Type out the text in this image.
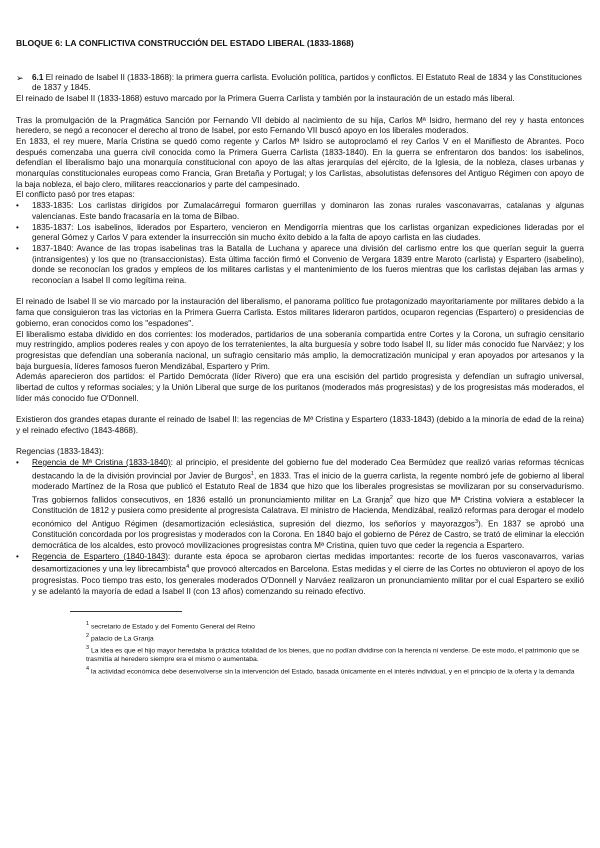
BLOQUE 6: LA CONFLICTIVA CONSTRUCCIÓN DEL ESTADO LIBERAL (1833-1868)
➢	6.1 El reinado de Isabel II (1833-1868): la primera guerra carlista. Evolución política, partidos y conflictos. El Estatuto Real de 1834 y las Constituciones de 1837 y 1845.

El reinado de Isabel II (1833-1868) estuvo marcado por la Primera Guerra Carlista y también por la instauración de un estado más liberal.

Tras la promulgación de la Pragmática Sanción por Fernando VII debido al nacimiento de su hija, Carlos Mª Isidro, hermano del rey y hasta entonces heredero, se negó a reconocer el derecho al trono de Isabel, por esto Fernando VII buscó apoyo en los liberales moderados.

En 1833, el rey muere, María Cristina se quedó como regente y Carlos Mª Isidro se autoproclamó el rey Carlos V en el Manifiesto de Abrantes. Poco después comenzaba una guerra civil conocida como la Primera Guerra Carlista (1833-1840). En la guerra se enfrentaron dos bandos: los isabelinos, defendían el liberalismo bajo una monarquía constitucional con apoyo de las altas jerarquías del ejército, de la Iglesia, de la nobleza, clases urbanas y monarquías constitucionales europeas como Francia, Gran Bretaña y Portugal; y los Carlistas, absolutistas defensores del Antiguo Régimen con apoyo de la baja nobleza, el bajo clero, militares reaccionarios y parte del campesinado.

El conflicto pasó por tres etapas:

•	1833-1835: Los carlistas dirigidos por Zumalacárregui formaron guerrillas y dominaron las zonas rurales vasconavarras, catalanas y algunas valencianas. Este bando fracasaría en la toma de Bilbao.
•	1835-1837: Los isabelinos, liderados por Espartero, vencieron en Mendigorría mientras que los carlistas organizan expediciones lideradas por el general Gómez y Carlos V para extender la insurrección sin mucho éxito debido a la falta de apoyo carlista en las ciudades.
•	1837-1840: Avance de las tropas isabelinas tras la Batalla de Luchana y aparece una división del carlismo entre los que querían seguir la guerra (intransigentes) y los que no (transaccionistas). Esta última facción firmó el Convenio de Vergara 1839 entre Maroto (carlista) y Espartero (isabelino), donde se reconocían los grados y empleos de los militares carlistas y el mantenimiento de los fueros mientras que los carlistas dejaban las armas y reconocían a Isabel II como legítima reina.

El reinado de Isabel II se vio marcado por la instauración del liberalismo, el panorama político fue protagonizado mayoritariamente por militares debido a la fama que consiguieron tras las victorias en la Primera Guerra Carlista. Estos militares lideraron partidos, ocuparon regencias (Espartero) o presidencias de gobierno, eran conocidos como los "espadones".

El liberalismo estaba dividido en dos corrientes: los moderados, partidarios de una soberanía compartida entre Cortes y la Corona, un sufragio censitario muy restringido, amplios poderes reales y con apoyo de los terratenientes, la alta burguesía y sobre todo Isabel II, su líder más conocido fue Narváez; y los progresistas que defendían una soberanía nacional, un sufragio censitario más amplio, la democratización municipal y eran apoyados por artesanos y la baja burguesía, líderes famosos fueron Mendizábal, Espartero y Prim.

Además aparecieron dos partidos: el Partido Demócrata (líder Rivero) que era una escisión del partido progresista y defendían un sufragio universal, libertad de cultos y reformas sociales; y la Unión Liberal que surge de los puritanos (moderados más progresistas) y de los progresistas más moderados, el líder más conocido fue O'Donnell.

Existieron dos grandes etapas durante el reinado de Isabel II: las regencias de Mª Cristina y Espartero (1833-1843) (debido a la minoría de edad de la reina) y el reinado efectivo (1843-4868).

Regencias (1833-1843):

•	Regencia de Mª Cristina (1833-1840): al principio, el presidente del gobierno fue del moderado Cea Bermúdez que realizó varias reformas técnicas destacando la de la división provincial por Javier de Burgos$^1$, en 1833. Tras el inicio de la guerra carlista, la regente nombró jefe de gobierno al liberal moderado Martínez de la Rosa que publicó el Estatuto Real de 1834 que hizo que los liberales progresistas se movilizaran por su conservadurismo. Tras gobiernos fallidos consecutivos, en 1836 estalló un pronunciamiento militar en La Granja$^2$ que hizo que Mª Cristina volviera a establecer la Constitución de 1812 y pusiera como presidente al progresista Calatrava. El ministro de Hacienda, Mendizábal, realizó reformas para derogar el modelo económico del Antiguo Régimen (desamortización eclesiástica, supresión del diezmo, los señoríos y mayorazgos$^3$). En 1837 se aprobó una Constitución concordada por los progresistas y moderados con la Corona. En 1840 bajo el gobierno de Pérez de Castro, se trató de eliminar la elección democrática de los alcaldes, esto provocó movilizaciones progresistas contra Mª Cristina, quien tuvo que ceder la regencia a Espartero.
•	Regencia de Espartero (1840-1843): durante esta época se aprobaron ciertas medidas importantes: recorte de los fueros vasconavarros, varias desamortizaciones y una ley librecambista$^4$ que provocó altercados en Barcelona. Estas medidas y el cierre de las Cortes no obtuvieron el apoyo de los progresistas. Poco tiempo tras esto, los generales moderados O'Donnell y Narváez realizaron un pronunciamiento militar por el cual Espartero se exilió y se adelantó la mayoría de edad a Isabel II (con 13 años) comenzando su reinado efectivo.
$^1$ secretario de Estado y del Fomento General del Reino
$^2$ palacio de La Granja
$^3$ La idea es que el hijo mayor heredaba la práctica totalidad de los bienes, que no podían dividirse con la herencia ni venderse. De este modo, el patrimonio que se trasmitía al heredero siempre era el mismo o aumentaba.
$^4$ la actividad económica debe desenvolverse sin la intervención del Estado, basada únicamente en el interés individual, y en el principio de la oferta y la demanda
